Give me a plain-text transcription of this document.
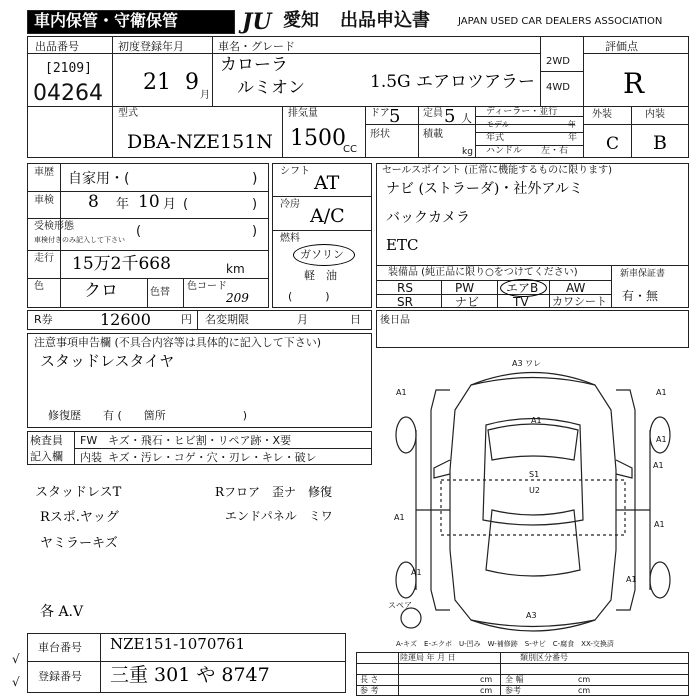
車内保管・守衛保管	JU 愛知 出品申込書	JAPAN USED CAR DEALERS ASSOCIATION
出品番号
[2109]
04264
初度登録年月
21 9
月
車名・グレード
カローラ
ルミオン	1.5G エアロツアラー
2WD
4WD
評価点
R
型式
DBA-NZE151N
排気量
1500
CC
ドア 5
形状
定員 5 人
積載
kg
ディーラー・並行
モデル	年
年式	年
ハンドル 左・右
外装	内装
C B
車歴 自家用・(	)
車検 8 年 10 月 (	)
受検形態
車検付きのみ記入して下さい
(	)
走行 15万2千668	km
色 クロ	色替
色コード
209
シフト
AT
冷房
A/C
燃料
ガソリン
軽　油
(　　　)
セールスポイント (正常に機能するものに限ります)
ナビ (ストラーダ)・社外アルミ
バックカメラ
ETC
装備品 (純正品に限り○をつけてください)
RS	PW	エアB AW
SR	ナビ	TV カワシート
新車保証書
有・無
R券	12600	円 名変期限	月	日 後日品
注意事項申告欄 (不具合内容等は具体的に記入して下さい)
スタッドレスタイヤ
修復歴　　有 (　　箇所　　　　　　　)
検査員
記入欄
FW キズ・飛石・ヒビ割・リペア跡・X要
内装 キズ・汚レ・コゲ・穴・刃レ・キレ・破レ
スタッドレスT
Rスポ.ヤッグ
ヤミラーキズ
各 A.V
Rフロア　歪ナ　修復
エンドパネル　ミワ
A3 ワレ
A1	A1
A1
A1
A1
S1
U2
A1
A1
A1
A1
スペア
A3
A-キズ　E-エクボ　U-凹み　W-補修跡　S-サビ　C-腐食　XX-交換済
車台番号 NZE151-1070761
登録番号 三重 301 や 8747
√
√
陸運局 年 月 日	類別区分番号
長 さ	cm 全 幅	cm
参 考	cm 参考	cm
